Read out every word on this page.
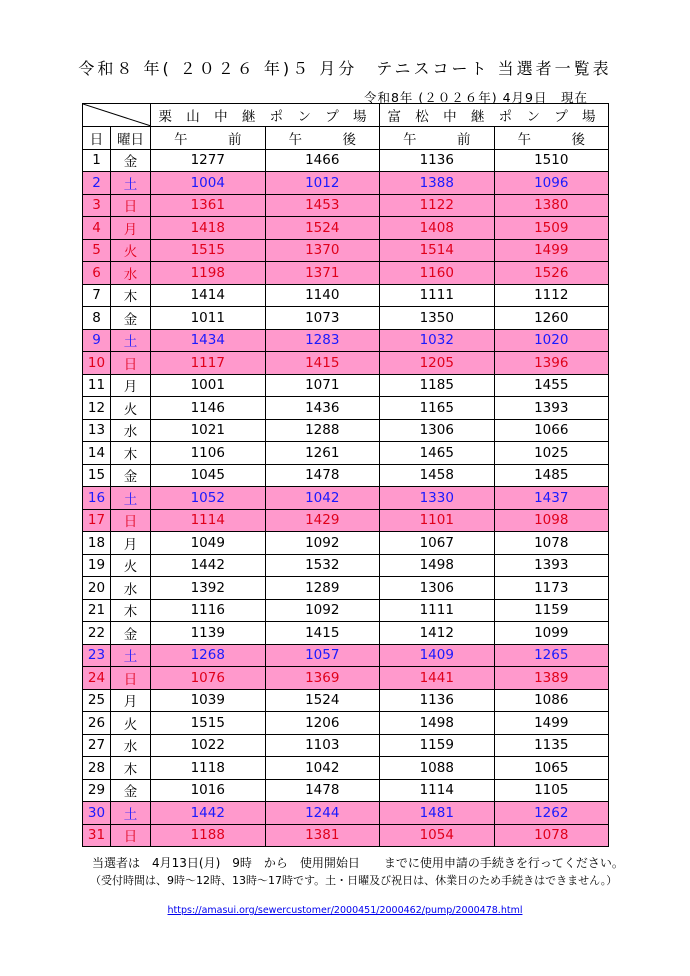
令和８ 年( ２０２６ 年)５ 月分　テニスコート 当選者一覧表
令和8年 (２０２６年) 4月9日　現在
	栗 山 中 継 ポ ン プ 場		富 松 中 継 ポ ン プ 場	
日	曜日	午　　　前	午　　　後	午　　　前	午　　　後
1	金	1277	1466	1136	1510
2	土	1004	1012	1388	1096
3	日	1361	1453	1122	1380
4	月	1418	1524	1408	1509
5	火	1515	1370	1514	1499
6	水	1198	1371	1160	1526
7	木	1414	1140	1111	1112
8	金	1011	1073	1350	1260
9	土	1434	1283	1032	1020
10	日	1117	1415	1205	1396
11	月	1001	1071	1185	1455
12	火	1146	1436	1165	1393
13	水	1021	1288	1306	1066
14	木	1106	1261	1465	1025
15	金	1045	1478	1458	1485
16	土	1052	1042	1330	1437
17	日	1114	1429	1101	1098
18	月	1049	1092	1067	1078
19	火	1442	1532	1498	1393
20	水	1392	1289	1306	1173
21	木	1116	1092	1111	1159
22	金	1139	1415	1412	1099
23	土	1268	1057	1409	1265
24	日	1076	1369	1441	1389
25	月	1039	1524	1136	1086
26	火	1515	1206	1498	1499
27	水	1022	1103	1159	1135
28	木	1118	1042	1088	1065
29	金	1016	1478	1114	1105
30	土	1442	1244	1481	1262
31	日	1188	1381	1054	1078
当選者は　4月13日(月)　9時　から　使用開始日　　までに使用申請の手続きを行ってください。
（受付時間は、9時～12時、13時～17時です。土・日曜及び祝日は、休業日のため手続きはできません。）
https://amasui.org/sewercustomer/2000451/2000462/pump/2000478.html
